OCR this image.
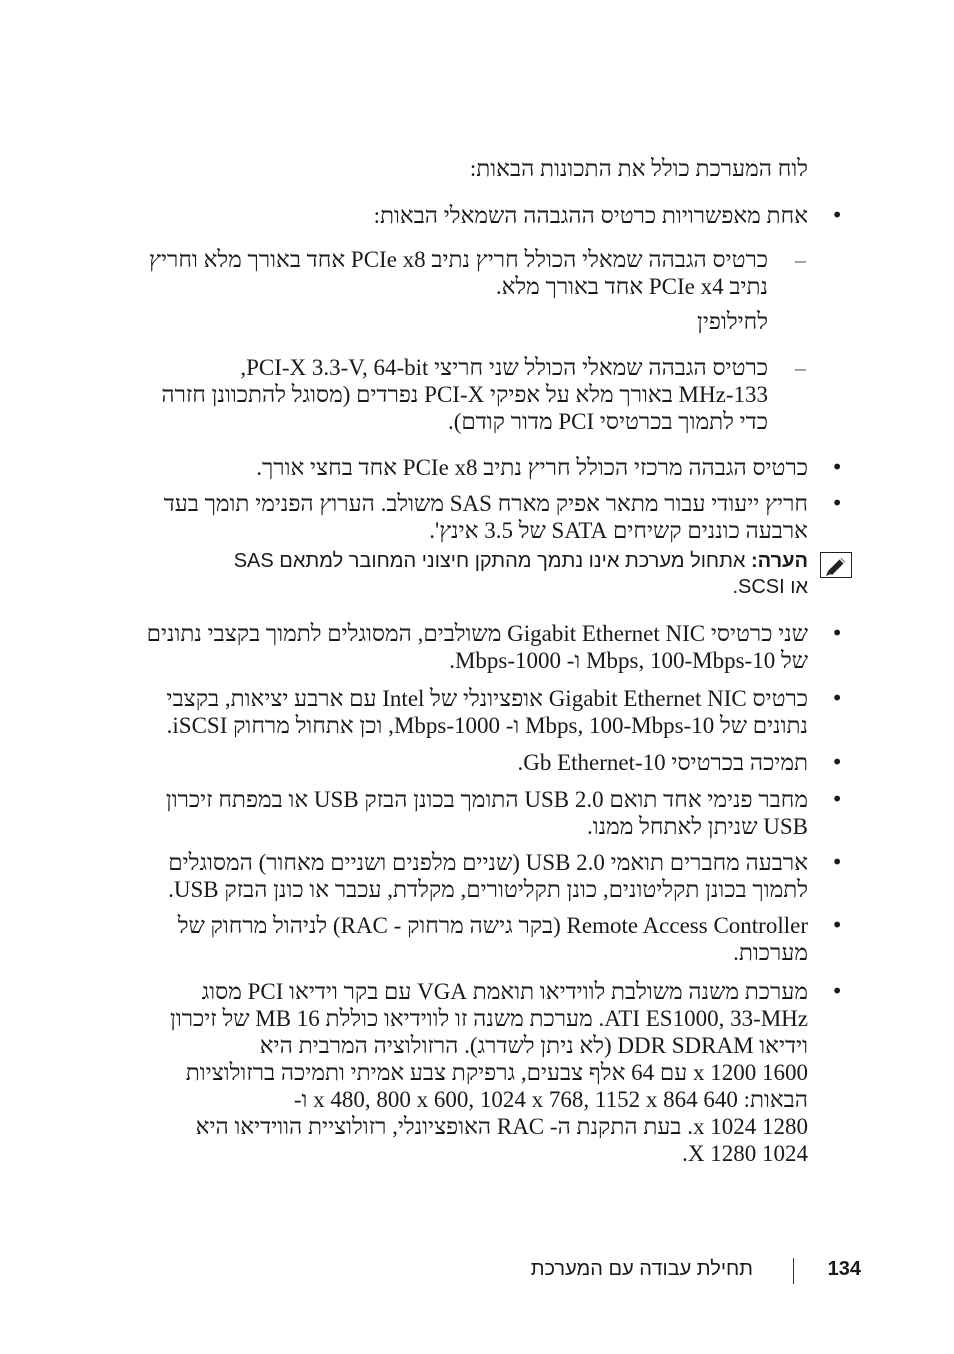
לוח המערכת כולל את התכונות הבאות:
•
אחת מאפשרויות כרטיס ההגבהה השמאלי הבאות:
–
כרטיס הגבהה שמאלי הכולל חריץ נתיב PCIe x8 אחד באורך מלא וחריץ
נתיב PCIe x4 אחד באורך מלא.
לחילופין
–
כרטיס הגבהה שמאלי הכולל שני חריצי PCI-X 3.3-V, 64-bit,
133-MHz באורך מלא על אפיקי PCI-X נפרדים (מסוגל להתכוונן חזרה
כדי לתמוך בכרטיסי PCI מדור קודם).
•
כרטיס הגבהה מרכזי הכולל חריץ נתיב PCIe x8 אחד בחצי אורך.
•
חריץ ייעודי עבור מתאר אפיק מארח SAS משולב. הערוץ הפנימי תומך בעד
ארבעה כוננים קשיחים SATA של 3.5 אינץ'.
הערה: אתחול מערכת אינו נתמך מהתקן חיצוני המחובר למתאם SAS
או SCSI.
•
שני כרטיסי Gigabit Ethernet NIC משולבים, המסוגלים לתמוך בקצבי נתונים
של 10-Mbps, 100-Mbps ו- 1000-Mbps.
•
כרטיס Gigabit Ethernet NIC אופציונלי של Intel עם ארבע יציאות, בקצבי
נתונים של 10-Mbps, 100-Mbps ו- 1000-Mbps, וכן אתחול מרחוק iSCSI.
•
תמיכה בכרטיסי 10-Gb Ethernet.
•
מחבר פנימי אחד תואם USB 2.0 התומך בכונן הבזק USB או במפתח זיכרון
USB שניתן לאתחל ממנו.
•
ארבעה מחברים תואמי USB 2.0 (שניים מלפנים ושניים מאחור) המסוגלים
לתמוך בכונן תקליטונים, כונן תקליטורים, מקלדת, עכבר או כונן הבזק USB.
•
Remote Access Controller (בקר גישה מרחוק - RAC) לניהול מרחוק של
מערכות.
•
מערכת משנה משולבת לווידיאו תואמת VGA עם בקר וידיאו PCI מסוג
ATI ES1000, 33-MHz. מערכת משנה זו לווידיאו כוללת 16 MB של זיכרון
וידיאו DDR SDRAM (לא ניתן לשדרג). הרזולוציה המרבית היא
1600 x 1200 עם 64 אלף צבעים, גרפיקת צבע אמיתי ותמיכה ברזולוציות
הבאות: 640 x 480, 800 x 600, 1024 x 768, 1152 x 864 ו-
1280 x 1024. בעת התקנת ה- RAC האופציונלי, רזולוציית הווידיאו היא
1024 X 1280.
134
תחילת עבודה עם המערכת
